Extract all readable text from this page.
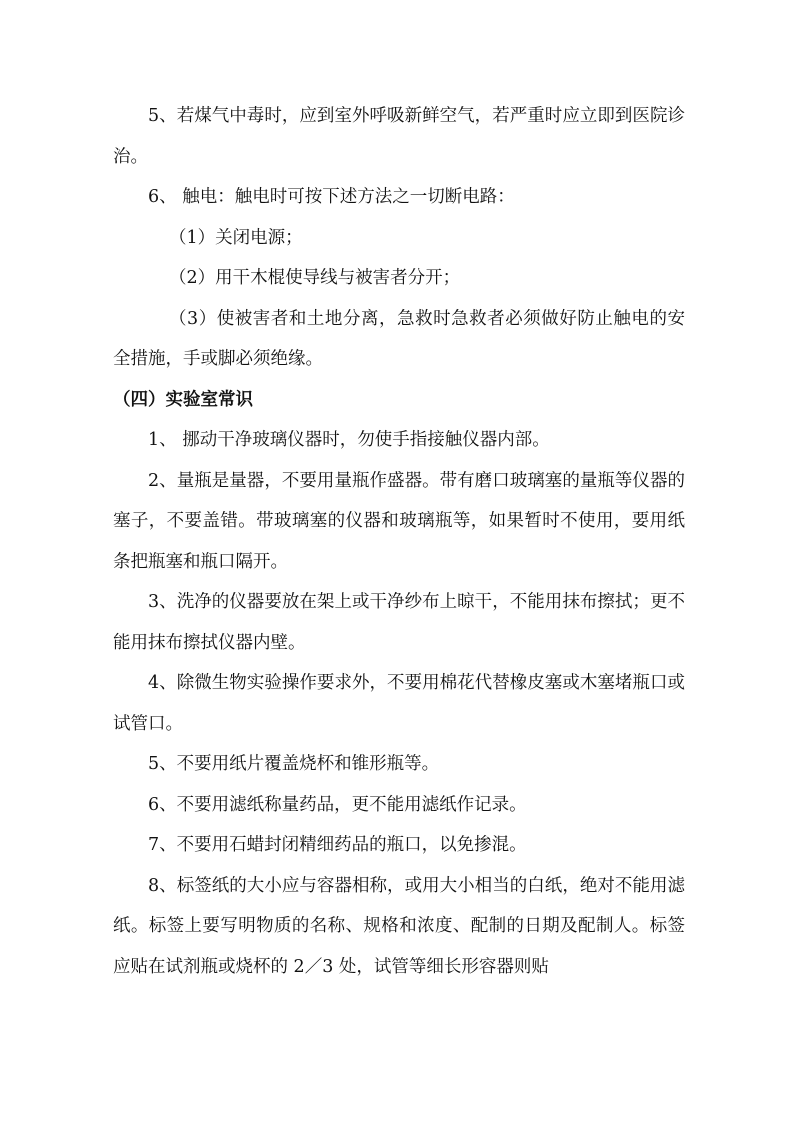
5、若煤气中毒时，应到室外呼吸新鲜空气，若严重时应立即到医院诊治。

6、 触电：触电时可按下述方法之一切断电路：

（1）关闭电源；

（2）用干木棍使导线与被害者分开；

（3）使被害者和土地分离，急救时急救者必须做好防止触电的安全措施，手或脚必须绝缘。

（四）实验室常识

1、 挪动干净玻璃仪器时，勿使手指接触仪器内部。

2、量瓶是量器，不要用量瓶作盛器。带有磨口玻璃塞的量瓶等仪器的塞子，不要盖错。带玻璃塞的仪器和玻璃瓶等，如果暂时不使用，要用纸条把瓶塞和瓶口隔开。

3、洗净的仪器要放在架上或干净纱布上晾干，不能用抹布擦拭；更不能用抹布擦拭仪器内壁。

4、除微生物实验操作要求外，不要用棉花代替橡皮塞或木塞堵瓶口或试管口。

5、不要用纸片覆盖烧杯和锥形瓶等。

6、不要用滤纸称量药品，更不能用滤纸作记录。

7、不要用石蜡封闭精细药品的瓶口，以免掺混。

8、标签纸的大小应与容器相称，或用大小相当的白纸，绝对不能用滤纸。标签上要写明物质的名称、规格和浓度、配制的日期及配制人。标签应贴在试剂瓶或烧杯的 2／3 处，试管等细长形容器则贴
